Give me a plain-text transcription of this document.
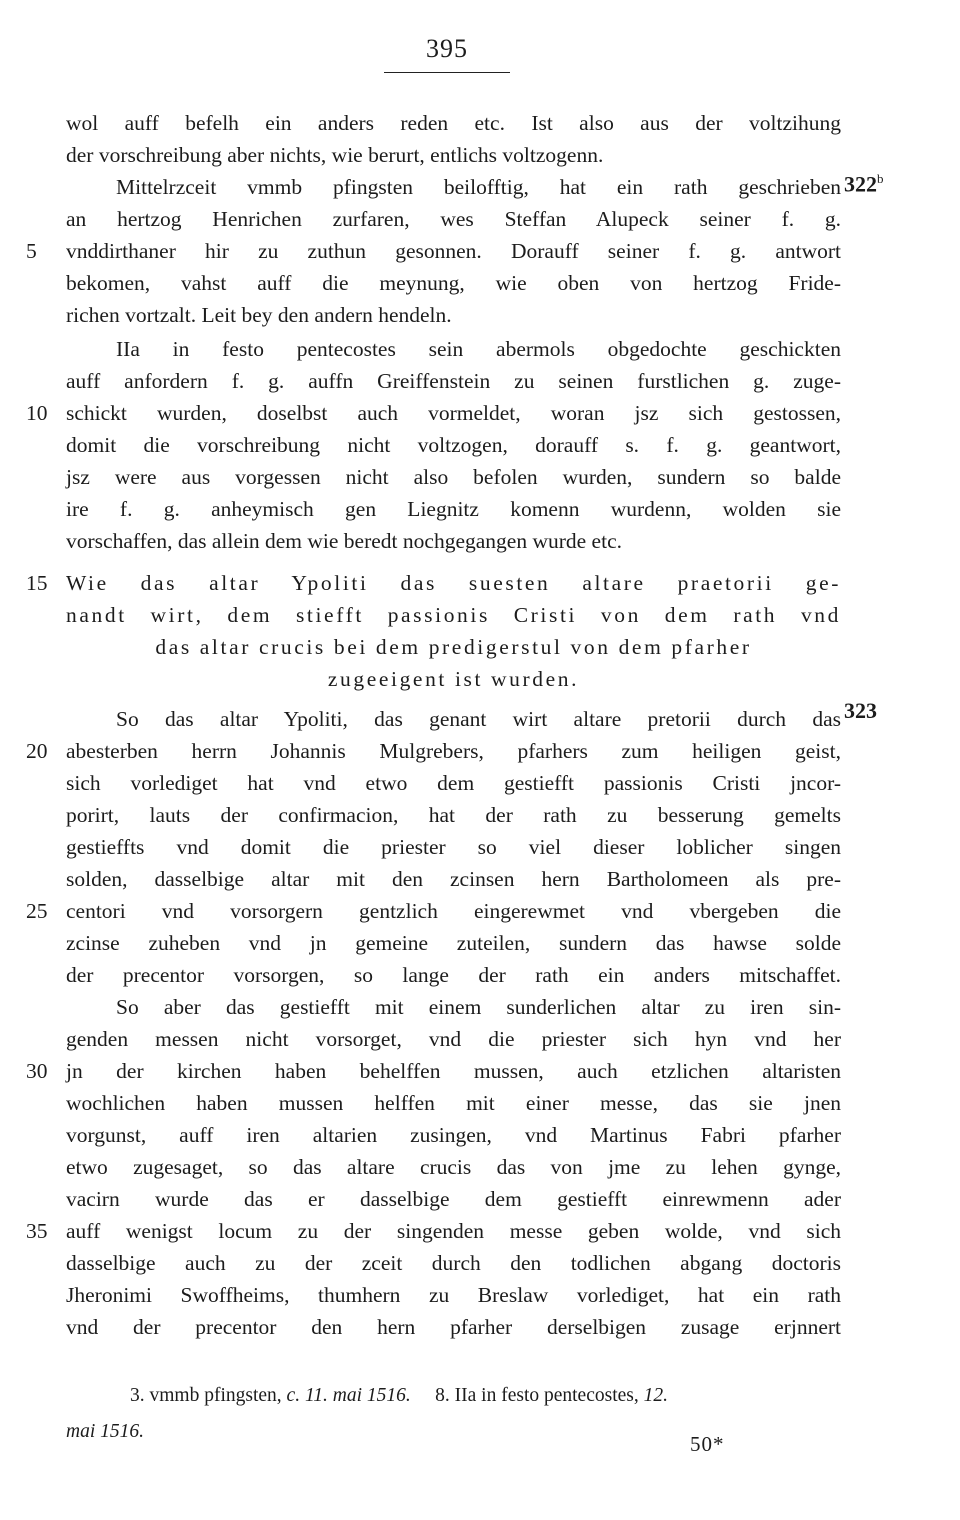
395
wol auff befelh ein anders reden etc. Ist also aus der voltzihung
der vorschreibung aber nichts, wie berurt, entlichs voltzogenn.
Mittelrzceit vmmb pfingsten beilofftig, hat ein rath geschrieben
an hertzog Henrichen zurfaren, wes Steffan Alupeck seiner f. g.
vnddirthaner hir zu zuthun gesonnen. Dorauff seiner f. g. antwort
5
bekomen, vahst auff die meynung, wie oben von hertzog Fride-
richen vortzalt. Leit bey den andern hendeln.
IIa in festo pentecostes sein abermols obgedochte geschickten
auff anfordern f. g. auffn Greiffenstein zu seinen furstlichen g. zuge-
schickt wurden, doselbst auch vormeldet, woran jsz sich gestossen,
10
domit die vorschreibung nicht voltzogen, dorauff s. f. g. geantwort,
jsz were aus vorgessen nicht also befolen wurden, sundern so balde
ire f. g. anheymisch gen Liegnitz komenn wurdenn, wolden sie
vorschaffen, das allein dem wie beredt nochgegangen wurde etc.
Wie das altar Ypoliti das suesten altare praetorii ge-
15
nandt wirt, dem stiefft passionis Cristi von dem rath vnd
das altar crucis bei dem predigerstul von dem pfarher
zugeeigent ist wurden.
So das altar Ypoliti, das genant wirt altare pretorii durch das
abesterben herrn Johannis Mulgrebers, pfarhers zum heiligen geist,
20
sich vorlediget hat vnd etwo dem gestiefft passionis Cristi jncor-
porirt, lauts der confirmacion, hat der rath zu besserung gemelts
gestieffts vnd domit die priester so viel dieser loblicher singen
solden, dasselbige altar mit den zcinsen hern Bartholomeen als pre-
centori vnd vorsorgern gentzlich eingerewmet vnd vbergeben die
25
zcinse zuheben vnd jn gemeine zuteilen, sundern das hawse solde
der precentor vorsorgen, so lange der rath ein anders mitschaffet.
So aber das gestiefft mit einem sunderlichen altar zu iren sin-
genden messen nicht vorsorget, vnd die priester sich hyn vnd her
jn der kirchen haben behelffen mussen, auch etzlichen altaristen
30
wochlichen haben mussen helffen mit einer messe, das sie jnen
vorgunst, auff iren altarien zusingen, vnd Martinus Fabri pfarher
etwo zugesaget, so das altare crucis das von jme zu lehen gynge,
vacirn wurde das er dasselbige dem gestiefft einrewmenn ader
auff wenigst locum zu der singenden messe geben wolde, vnd sich
35
dasselbige auch zu der zceit durch den todlichen abgang doctoris
Jheronimi Swoffheims, thumhern zu Breslaw vorlediget, hat ein rath
vnd der precentor den hern pfarher derselbigen zusage erjnnert
322$^b$
323
3. vmmb pfingsten, c. 11. mai 1516. 8. IIa in festo pentecostes, 12.
mai 1516.
50*
